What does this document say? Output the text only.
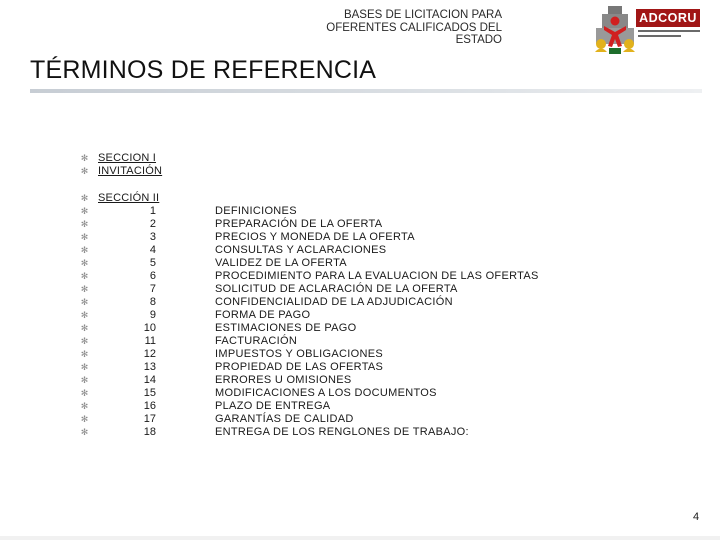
BASES DE LICITACION PARA
OFERENTES CALIFICADOS DEL
ESTADO
ADCORU
TÉRMINOS DE REFERENCIA
✻
✻
✻
✻
✻
✻
✻
✻
✻
✻
✻
✻
✻
✻
✻
✻
✻
✻
✻
✻
✻
SECCION I
INVITACIÓN
SECCIÓN II
1	DEFINICIONES
2	PREPARACIÓN DE LA OFERTA
3	PRECIOS Y MONEDA DE LA OFERTA
4	CONSULTAS Y ACLARACIONES
5	VALIDEZ DE LA OFERTA
6	PROCEDIMIENTO PARA LA EVALUACION DE LAS OFERTAS
7	SOLICITUD DE ACLARACIÓN DE LA OFERTA
8	CONFIDENCIALIDAD DE LA ADJUDICACIÓN
9	FORMA DE PAGO
10	ESTIMACIONES DE PAGO
11	FACTURACIÓN
12	IMPUESTOS Y OBLIGACIONES
13	PROPIEDAD DE LAS OFERTAS
14	ERRORES U OMISIONES
15	MODIFICACIONES A LOS DOCUMENTOS
16	PLAZO DE ENTREGA
17	GARANTÍAS DE CALIDAD
18	ENTREGA DE LOS RENGLONES DE TRABAJO:
4
